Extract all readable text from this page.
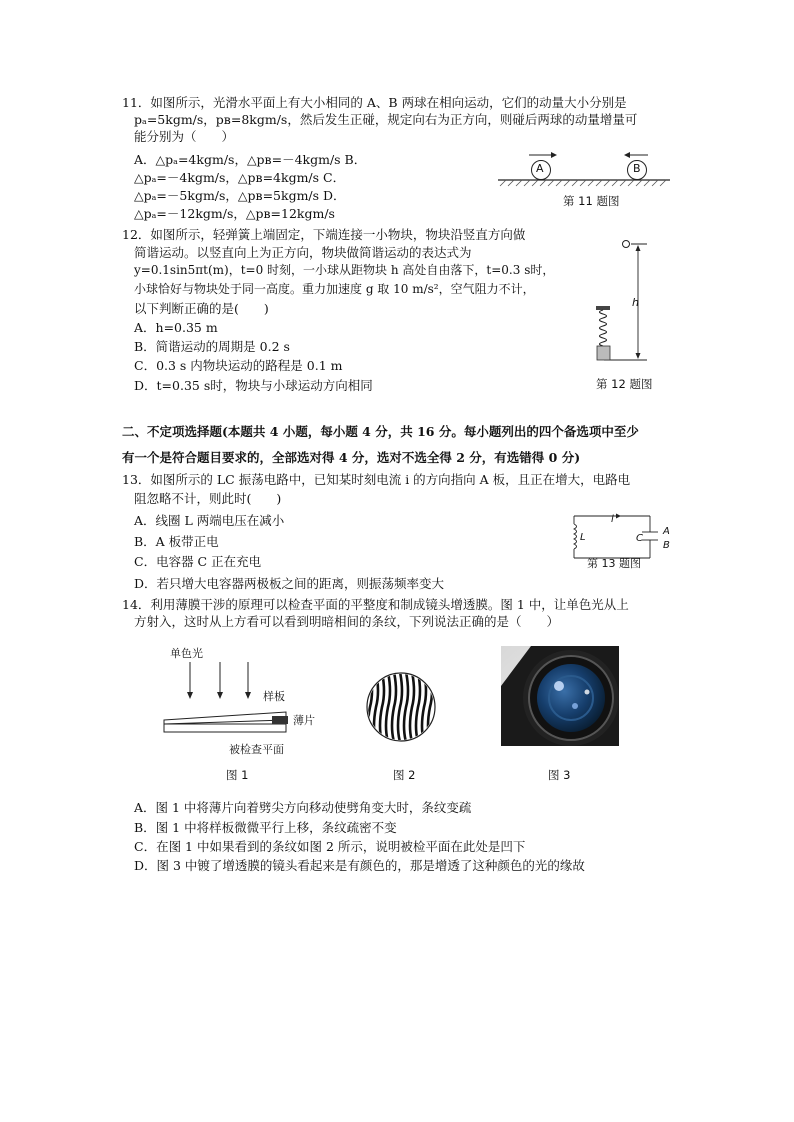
11．如图所示，光滑水平面上有大小相同的 A、B 两球在相向运动，它们的动量大小分别是
pₐ=5kgm/s，pʙ=8kgm/s，然后发生正碰，规定向右为正方向，则碰后两球的动量增量可
能分别为（　　）
A．△pₐ=4kgm/s，△pʙ=－4kgm/s B．
△pₐ=－4kgm/s，△pʙ=4kgm/s C．
△pₐ=－5kgm/s，△pʙ=5kgm/s D．
△pₐ=－12kgm/s，△pʙ=12kgm/s
A	B
第 11 题图
12．如图所示，轻弹簧上端固定，下端连接一小物块，物块沿竖直方向做
简谐运动。以竖直向上为正方向，物块做简谐运动的表达式为
y=0.1sin5πt(m)，t=0 时刻，一小球从距物块 h 高处自由落下，t=0.3 s时，
小球恰好与物块处于同一高度。重力加速度 g 取 10 m/s²，空气阻力不计，
以下判断正确的是(　　)
A．h=0.35 m
B．简谐运动的周期是 0.2 s
C．0.3 s 内物块运动的路程是 0.1 m
D．t=0.35 s时，物块与小球运动方向相同
h
第 12 题图
二、不定项选择题(本题共 4 小题，每小题 4 分，共 16 分。每小题列出的四个备选项中至少
有一个是符合题目要求的，全部选对得 4 分，选对不选全得 2 分，有选错得 0 分)
13．如图所示的 LC 振荡电路中，已知某时刻电流 i 的方向指向 A 板，且正在增大，电路电
阻忽略不计，则此时(　　)
A．线圈 L 两端电压在减小
B．A 板带正电
C．电容器 C 正在充电
D．若只增大电容器两极板之间的距离，则振荡频率变大
i
L	C
A
B
第 13 题图
14．利用薄膜干涉的原理可以检查平面的平整度和制成镜头增透膜。图 1 中，让单色光从上
方射入，这时从上方看可以看到明暗相间的条纹，下列说法正确的是（　　）
单色光
样板
薄片
被检查平面
图 1	图 2	图 3
A．图 1 中将薄片向着劈尖方向移动使劈角变大时，条纹变疏
B．图 1 中将样板微微平行上移，条纹疏密不变
C．在图 1 中如果看到的条纹如图 2 所示，说明被检平面在此处是凹下
D．图 3 中镀了增透膜的镜头看起来是有颜色的，那是增透了这种颜色的光的缘故
